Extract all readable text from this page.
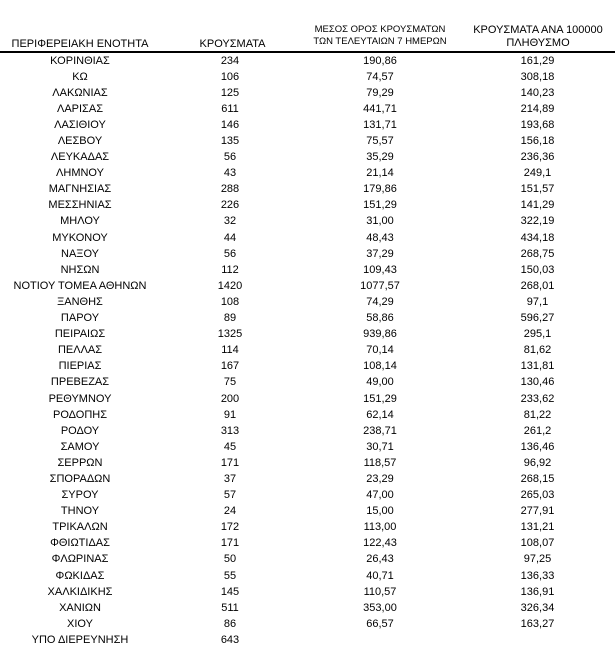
ΠΕΡΙΦΕΡΕΙΑΚΗ ΕΝΟΤΗΤΑ	ΚΡΟΥΣΜΑΤΑ
ΜΕΣΟΣ ΟΡΟΣ ΚΡΟΥΣΜΑΤΩΝ
ΤΩΝ ΤΕΛΕΥΤΑΙΩΝ 7 ΗΜΕΡΩΝ
ΚΡΟΥΣΜΑΤΑ ΑΝΑ 100000
ΠΛΗΘΥΣΜΟ
ΚΟΡΙΝΘΙΑΣ	234	190,86	161,29
ΚΩ	106	74,57	308,18
ΛΑΚΩΝΙΑΣ	125	79,29	140,23
ΛΑΡΙΣΑΣ	611	441,71	214,89
ΛΑΣΙΘΙΟΥ	146	131,71	193,68
ΛΕΣΒΟΥ	135	75,57	156,18
ΛΕΥΚΑΔΑΣ	56	35,29	236,36
ΛΗΜΝΟΥ	43	21,14	249,1
ΜΑΓΝΗΣΙΑΣ	288	179,86	151,57
ΜΕΣΣΗΝΙΑΣ	226	151,29	141,29
ΜΗΛΟΥ	32	31,00	322,19
ΜΥΚΟΝΟΥ	44	48,43	434,18
ΝΑΞΟΥ	56	37,29	268,75
ΝΗΣΩΝ	112	109,43	150,03
ΝΟΤΙΟΥ ΤΟΜΕΑ ΑΘΗΝΩΝ	1420	1077,57	268,01
ΞΑΝΘΗΣ	108	74,29	97,1
ΠΑΡΟΥ	89	58,86	596,27
ΠΕΙΡΑΙΩΣ	1325	939,86	295,1
ΠΕΛΛΑΣ	114	70,14	81,62
ΠΙΕΡΙΑΣ	167	108,14	131,81
ΠΡΕΒΕΖΑΣ	75	49,00	130,46
ΡΕΘΥΜΝΟΥ	200	151,29	233,62
ΡΟΔΟΠΗΣ	91	62,14	81,22
ΡΟΔΟΥ	313	238,71	261,2
ΣΑΜΟΥ	45	30,71	136,46
ΣΕΡΡΩΝ	171	118,57	96,92
ΣΠΟΡΑΔΩΝ	37	23,29	268,15
ΣΥΡΟΥ	57	47,00	265,03
ΤΗΝΟΥ	24	15,00	277,91
ΤΡΙΚΑΛΩΝ	172	113,00	131,21
ΦΘΙΩΤΙΔΑΣ	171	122,43	108,07
ΦΛΩΡΙΝΑΣ	50	26,43	97,25
ΦΩΚΙΔΑΣ	55	40,71	136,33
ΧΑΛΚΙΔΙΚΗΣ	145	110,57	136,91
ΧΑΝΙΩΝ	511	353,00	326,34
ΧΙΟΥ	86	66,57	163,27
ΥΠΟ ΔΙΕΡΕΥΝΗΣΗ	643		
